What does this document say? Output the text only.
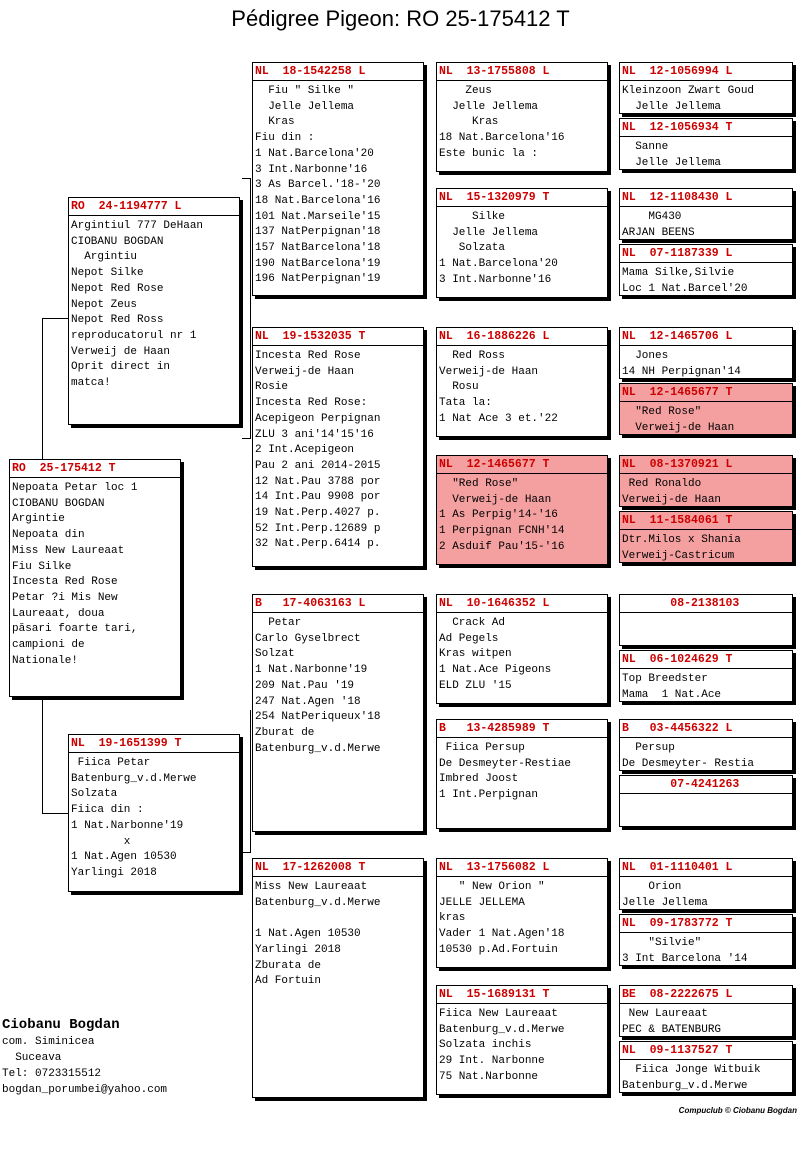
Pédigree Pigeon: RO 25-175412 T
RO  25-175412 T
Nepoata Petar loc 1
CIOBANU BOGDAN
Argintie
Nepoata din
Miss New Laureaat
Fiu Silke
Incesta Red Rose
Petar ?i Mis New
Laureaat, doua
păsari foarte tari,
campioni de
Nationale!
RO  24-1194777 L
Argintiul 777 DeHaan
CIOBANU BOGDAN
Argintiu
Nepot Silke
Nepot Red Rose
Nepot Zeus
Nepot Red Ross
reproducatorul nr 1
Verweij de Haan
Oprit direct in
matca!
NL  19-1651399 T
Fiica Petar
Batenburg_v.d.Merwe
Solzata
Fiica din :
1 Nat.Narbonne'19
x
1 Nat.Agen 10530
Yarlingi 2018
NL  18-1542258 L
Fiu " Silke "
Jelle Jellema
Kras
Fiu din :
1 Nat.Barcelona'20
3 Int.Narbonne'16
3 As Barcel.'18-'20
18 Nat.Barcelona'16
101 Nat.Marseile'15
137 NatPerpignan'18
157 NatBarcelona'18
190 NatBarcelona'19
196 NatPerpignan'19
NL  19-1532035 T
Incesta Red Rose
Verweij-de Haan
Rosie
Incesta Red Rose:
Acepigeon Perpignan
ZLU 3 ani'14'15'16
2 Int.Acepigeon
Pau 2 ani 2014-2015
12 Nat.Pau 3788 por
14 Int.Pau 9908 por
19 Nat.Perp.4027 p.
52 Int.Perp.12689 p
32 Nat.Perp.6414 p.
B   17-4063163 L
Petar
Carlo Gyselbrect
Solzat
1 Nat.Narbonne'19
209 Nat.Pau '19
247 Nat.Agen '18
254 NatPeriqueux'18
Zburat de
Batenburg_v.d.Merwe
NL  17-1262008 T
Miss New Laureaat
Batenburg_v.d.Merwe
1 Nat.Agen 10530
Yarlingi 2018
Zburata de
Ad Fortuin
NL  13-1755808 L
Zeus
Jelle Jellema
Kras
18 Nat.Barcelona'16
Este bunic la :
NL  15-1320979 T
Silke
Jelle Jellema
Solzata
1 Nat.Barcelona'20
3 Int.Narbonne'16
NL  16-1886226 L
Red Ross
Verweij-de Haan
Rosu
Tata la:
1 Nat Ace 3 et.'22
NL  12-1465677 T
"Red Rose"
Verweij-de Haan
1 As Perpig'14-'16
1 Perpignan FCNH'14
2 Asduif Pau'15-'16
NL  10-1646352 L
Crack Ad
Ad Pegels
Kras witpen
1 Nat.Ace Pigeons
ELD ZLU '15
B   13-4285989 T
Fiica Persup
De Desmeyter-Restiae
Imbred Joost
1 Int.Perpignan
NL  13-1756082 L
" New Orion "
JELLE JELLEMA
kras
Vader 1 Nat.Agen'18
10530 p.Ad.Fortuin
NL  15-1689131 T
Fiica New Laureaat
Batenburg_v.d.Merwe
Solzata inchis
29 Int. Narbonne
75 Nat.Narbonne
NL  12-1056994 L
Kleinzoon Zwart Goud
Jelle Jellema
NL  12-1056934 T
Sanne
Jelle Jellema
NL  12-1108430 L
MG430
ARJAN BEENS
NL  07-1187339 L
Mama Silke,Silvie
Loc 1 Nat.Barcel'20
NL  12-1465706 L
Jones
14 NH Perpignan'14
NL  12-1465677 T
"Red Rose"
Verweij-de Haan
NL  08-1370921 L
Red Ronaldo
Verweij-de Haan
NL  11-1584061 T
Dtr.Milos x Shania
Verweij-Castricum
08-2138103
NL  06-1024629 T
Top Breedster
Mama  1 Nat.Ace
B   03-4456322 L
Persup
De Desmeyter- Restia
07-4241263
NL  01-1110401 L
Orion
Jelle Jellema
NL  09-1783772 T
"Silvie"
3 Int Barcelona '14
BE  08-2222675 L
New Laureaat
PEC & BATENBURG
NL  09-1137527 T
Fiica Jonge Witbuik
Batenburg_v.d.Merwe
Ciobanu Bogdan
com. Siminicea
Suceava
Tel: 0723315512
bogdan_porumbei@yahoo.com
Compuclub © Ciobanu Bogdan
